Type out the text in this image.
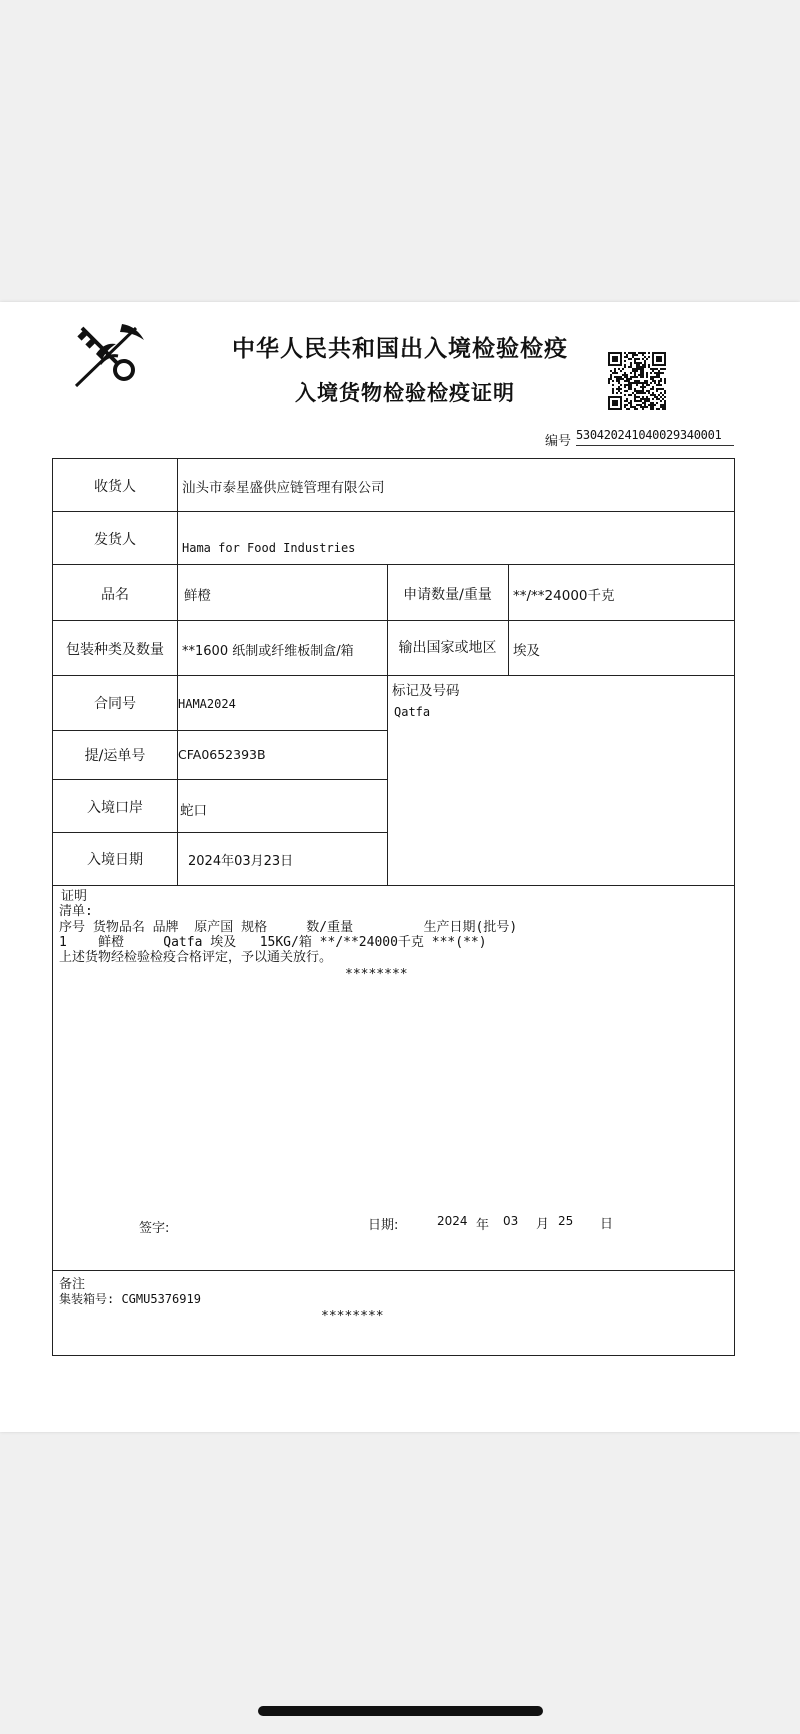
中华人民共和国出入境检验检疫
入境货物检验检疫证明
编号 530420241040029340001
收货人	汕头市泰星盛供应链管理有限公司
发货人	Hama for Food Industries
品名	鲜橙	申请数量/重量	**/**24000千克
包装种类及数量	**1600 纸制或纤维板制盒/箱	输出国家或地区	埃及
合同号	HAMA2024
标记及号码
Qatfa
提/运单号	CFA0652393B
入境口岸	蛇口
入境日期	2024年03月23日
证明
清单:
序号 货物品名 品牌  原产国 规格     数/重量         生产日期(批号)
1    鲜橙     Qatfa 埃及   15KG/箱 **/**24000千克 ***(**)
上述货物经检验检疫合格评定，予以通关放行。
********
签字:	日期:	2024 年 03 月 25 日
备注
集装箱号: CGMU5376919
********
